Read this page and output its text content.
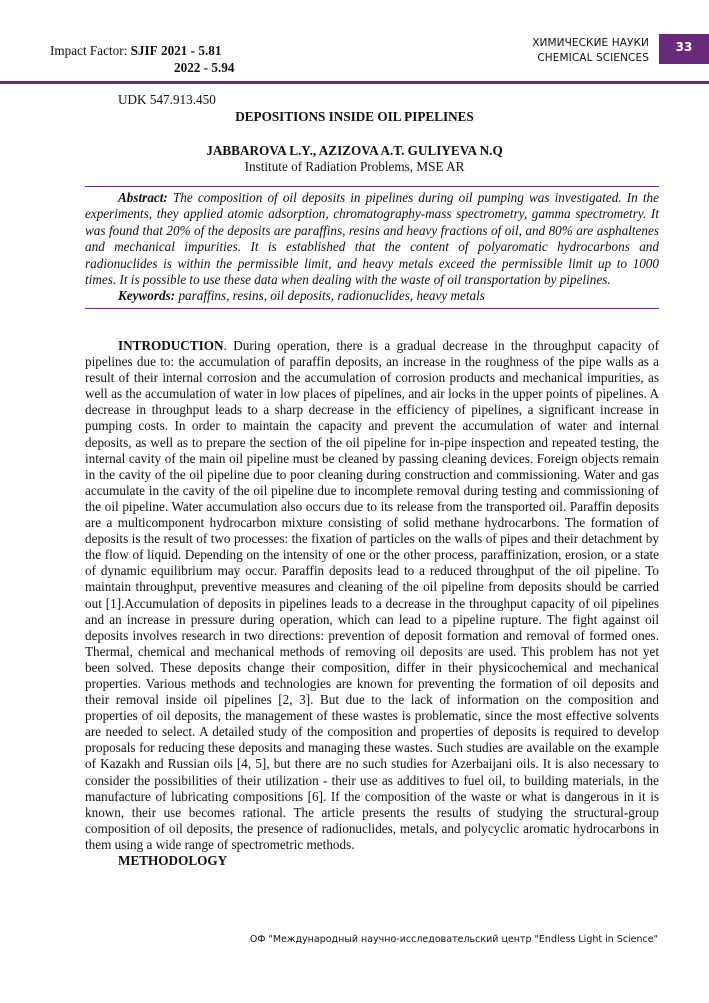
Impact Factor: SJIF 2021 - 5.81
2022 - 5.94
ХИМИЧЕСКИЕ НАУКИ
CHEMICAL SCIENCES
33
UDK 547.913.450
DEPOSITIONS INSIDE OIL PIPELINES
JABBAROVA L.Y., AZIZOVA A.T. GULIYEVA N.Q
Institute of Radiation Problems, MSE AR

Abstract: The composition of oil deposits in pipelines during oil pumping was investigated. In the experiments, they applied atomic adsorption, chromatography-mass spectrometry, gamma spectrometry. It was found that 20% of the deposits are paraffins, resins and heavy fractions of oil, and 80% are asphaltenes and mechanical impurities. It is established that the content of polyaromatic hydrocarbons and radionuclides is within the permissible limit, and heavy metals exceed the permissible limit up to 1000 times. It is possible to use these data when dealing with the waste of oil transportation by pipelines.

Keywords: paraffins, resins, oil deposits, radionuclides, heavy metals

INTRODUCTION. During operation, there is a gradual decrease in the throughput capacity of pipelines due to: the accumulation of paraffin deposits, an increase in the roughness of the pipe walls as a result of their internal corrosion and the accumulation of corrosion products and mechanical impurities, as well as the accumulation of water in low places of pipelines, and air locks in the upper points of pipelines. A decrease in throughput leads to a sharp decrease in the efficiency of pipelines, a significant increase in pumping costs. In order to maintain the capacity and prevent the accumulation of water and internal deposits, as well as to prepare the section of the oil pipeline for in-pipe inspection and repeated testing, the internal cavity of the main oil pipeline must be cleaned by passing cleaning devices. Foreign objects remain in the cavity of the oil pipeline due to poor cleaning during construction and commissioning. Water and gas accumulate in the cavity of the oil pipeline due to incomplete removal during testing and commissioning of the oil pipeline. Water accumulation also occurs due to its release from the transported oil. Paraffin deposits are a multicomponent hydrocarbon mixture consisting of solid methane hydrocarbons. The formation of deposits is the result of two processes: the fixation of particles on the walls of pipes and their detachment by the flow of liquid. Depending on the intensity of one or the other process, paraffinization, erosion, or a state of dynamic equilibrium may occur. Paraffin deposits lead to a reduced throughput of the oil pipeline. To maintain throughput, preventive measures and cleaning of the oil pipeline from deposits should be carried out [1].Accumulation of deposits in pipelines leads to a decrease in the throughput capacity of oil pipelines and an increase in pressure during operation, which can lead to a pipeline rupture. The fight against oil deposits involves research in two directions: prevention of deposit formation and removal of formed ones. Thermal, chemical and mechanical methods of removing oil deposits are used. This problem has not yet been solved. These deposits change their composition, differ in their physicochemical and mechanical properties. Various methods and technologies are known for preventing the formation of oil deposits and their removal inside oil pipelines [2, 3]. But due to the lack of information on the composition and properties of oil deposits, the management of these wastes is problematic, since the most effective solvents are needed to select. A detailed study of the composition and properties of deposits is required to develop proposals for reducing these deposits and managing these wastes. Such studies are available on the example of Kazakh and Russian oils [4, 5], but there are no such studies for Azerbaijani oils. It is also necessary to consider the possibilities of their utilization - their use as additives to fuel oil, to building materials, in the manufacture of lubricating compositions [6]. If the composition of the waste or what is dangerous in it is known, their use becomes rational. The article presents the results of studying the structural-group composition of oil deposits, the presence of radionuclides, metals, and polycyclic aromatic hydrocarbons in them using a wide range of spectrometric methods.

METHODOLOGY
ОФ "Международный научно-исследовательский центр "Endless Light in Science"
